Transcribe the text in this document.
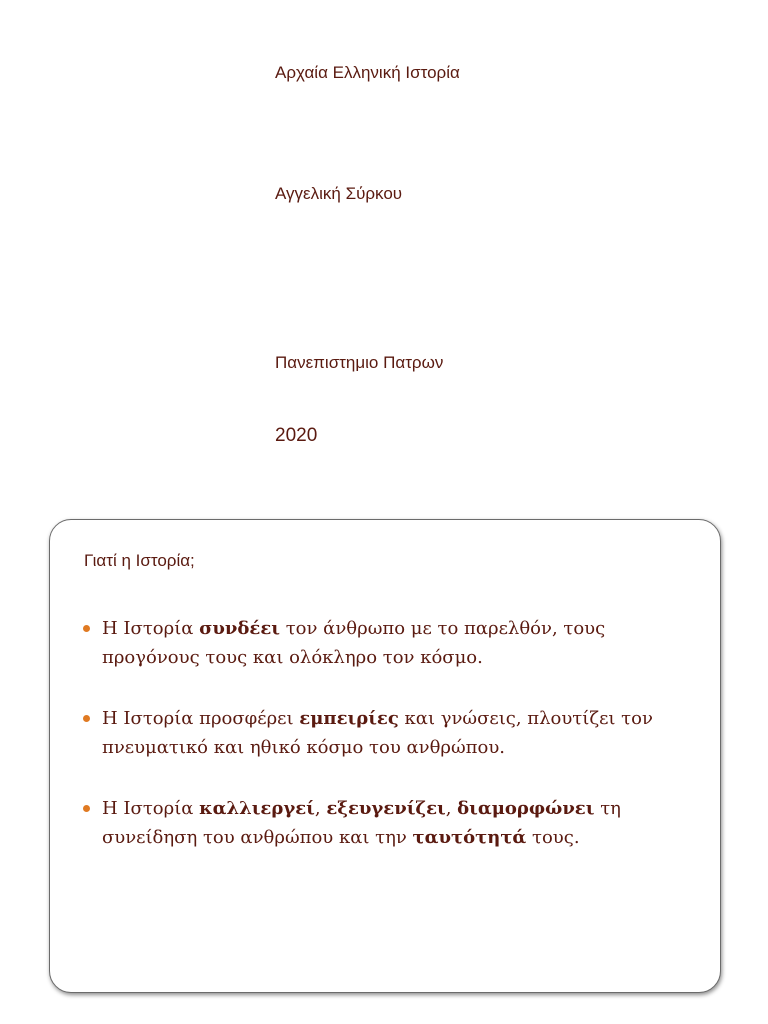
Αρχαία Ελληνική Ιστορία
Αγγελική Σύρκου
Πανεπιστημιο Πατρων
2020
Γιατί η Ιστορία;
Η Ιστορία συνδέει τον άνθρωπο με το παρελθόν, τους προγόνους τους και ολόκληρο τον κόσμο.
Η Ιστορία προσφέρει εμπειρίες και γνώσεις, πλουτίζει τον πνευματικό και ηθικό κόσμο του ανθρώπου.
Η Ιστορία καλλιεργεί, εξευγενίζει, διαμορφώνει τη συνείδηση του ανθρώπου και την ταυτότητά τους.
